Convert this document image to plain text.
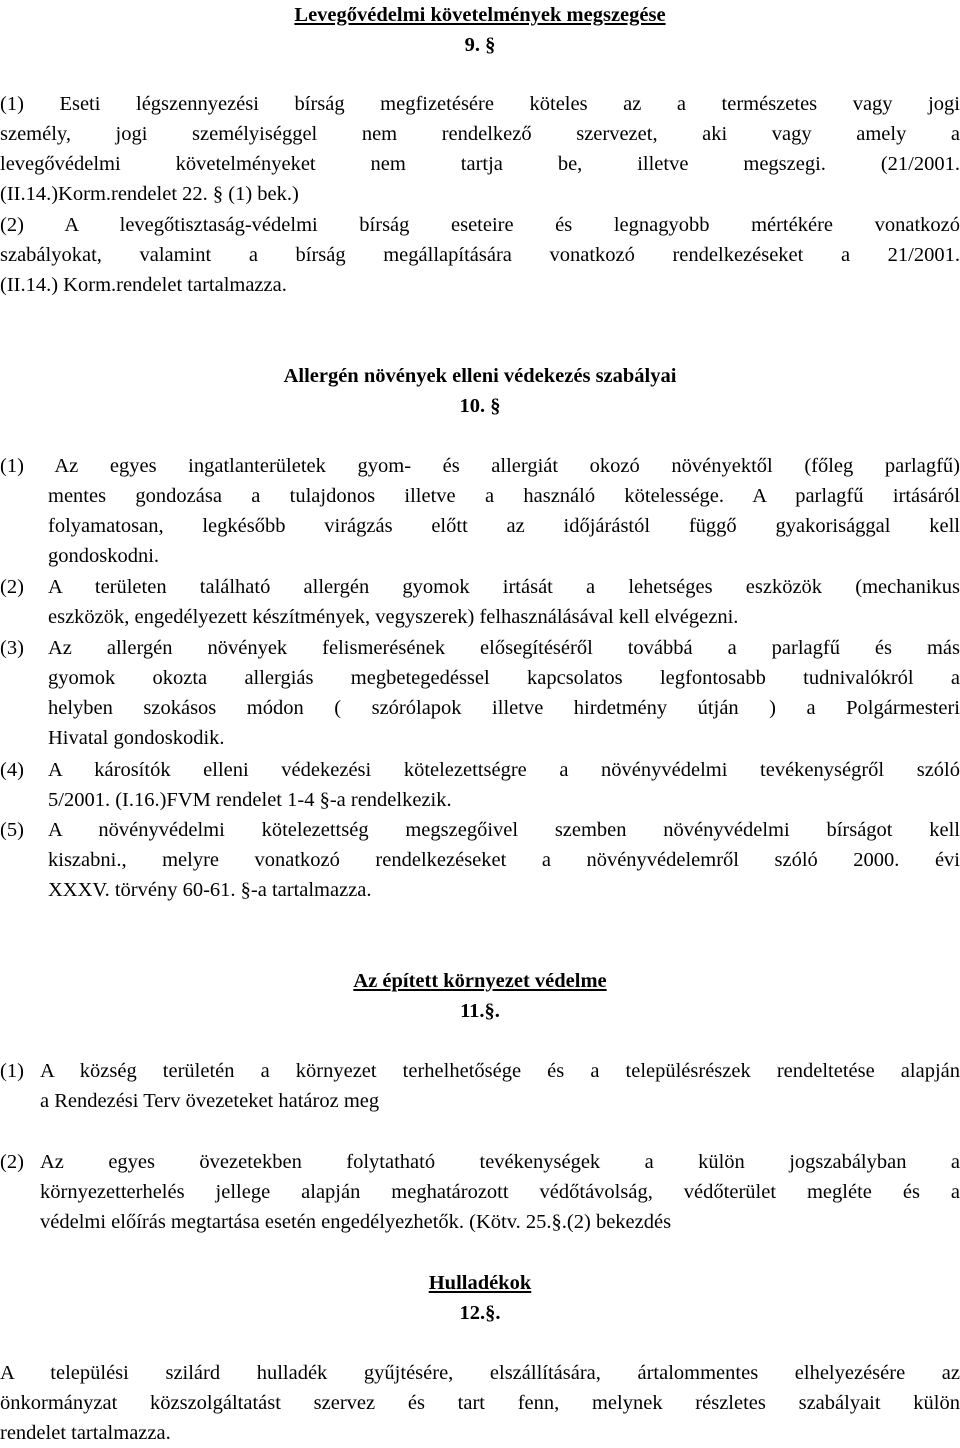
Levegővédelmi követelmények megszegése
9. §
(1) Eseti légszennyezési bírság megfizetésére köteles az a természetes vagy jogi
személy, jogi személyiséggel nem rendelkező szervezet, aki vagy amely a
levegővédelmi követelményeket nem tartja be, illetve megszegi. (21/2001.
(II.14.)Korm.rendelet 22. § (1) bek.)
(2) A levegőtisztaság-védelmi bírság eseteire és legnagyobb mértékére vonatkozó
szabályokat, valamint a bírság megállapítására vonatkozó rendelkezéseket a 21/2001.
(II.14.) Korm.rendelet tartalmazza.
Allergén növények elleni védekezés szabályai
10. §
(1) Az egyes ingatlanterületek gyom- és allergiát okozó növényektől (főleg parlagfű)
mentes gondozása a tulajdonos illetve a használó kötelessége. A parlagfű irtásáról
folyamatosan, legkésőbb virágzás előtt az időjárástól függő gyakorisággal kell
gondoskodni.
(2) A területen található allergén gyomok irtását a lehetséges eszközök (mechanikus
eszközök, engedélyezett készítmények, vegyszerek) felhasználásával kell elvégezni.
(3) Az allergén növények felismerésének elősegítéséről továbbá a parlagfű és más
gyomok okozta allergiás megbetegedéssel kapcsolatos legfontosabb tudnivalókról a
helyben szokásos módon ( szórólapok illetve hirdetmény útján ) a Polgármesteri
Hivatal gondoskodik.
(4) A károsítók elleni védekezési kötelezettségre a növényvédelmi tevékenységről szóló
5/2001. (I.16.)FVM rendelet 1-4 §-a rendelkezik.
(5) A növényvédelmi kötelezettség megszegőivel szemben növényvédelmi bírságot kell
kiszabni., melyre vonatkozó rendelkezéseket a növényvédelemről szóló 2000. évi
XXXV. törvény 60-61. §-a tartalmazza.
Az épített környezet védelme
11.§.
(1) A község területén a környezet terhelhetősége és a településrészek rendeltetése alapján
a Rendezési Terv övezeteket határoz meg
(2) Az egyes övezetekben folytatható tevékenységek a külön jogszabályban a
környezetterhelés jellege alapján meghatározott védőtávolság, védőterület megléte és a
védelmi előírás megtartása esetén engedélyezhetők. (Kötv. 25.§.(2) bekezdés
Hulladékok
12.§.
A települési szilárd hulladék gyűjtésére, elszállítására, ártalommentes elhelyezésére az
önkormányzat közszolgáltatást szervez és tart fenn, melynek részletes szabályait külön
rendelet tartalmazza.
